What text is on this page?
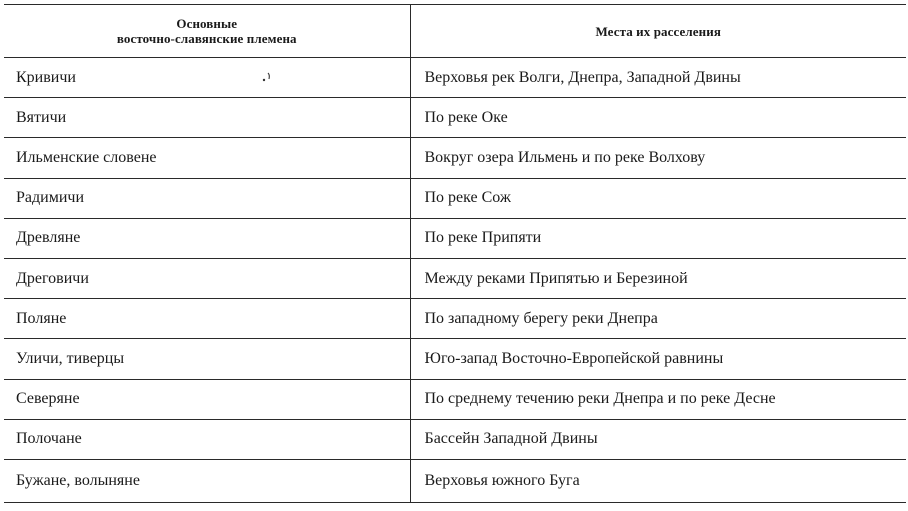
Основные
восточно-славянские племена	Места их расселения
Кривичи	Верховья рек Волги, Днепра, Западной Двины
Вятичи	По реке Оке
Ильменские словене	Вокруг озера Ильмень и по реке Волхову
Радимичи	По реке Сож
Древляне	По реке Припяти
Дреговичи	Между реками Припятью и Березиной
Поляне	По западному берегу реки Днепра
Уличи, тиверцы	Юго-запад Восточно-Европейской равнины
Северяне	По среднему течению реки Днепра и по реке Десне
Полочане	Бассейн Западной Двины
Бужане, волыняне	Верховья южного Буга
